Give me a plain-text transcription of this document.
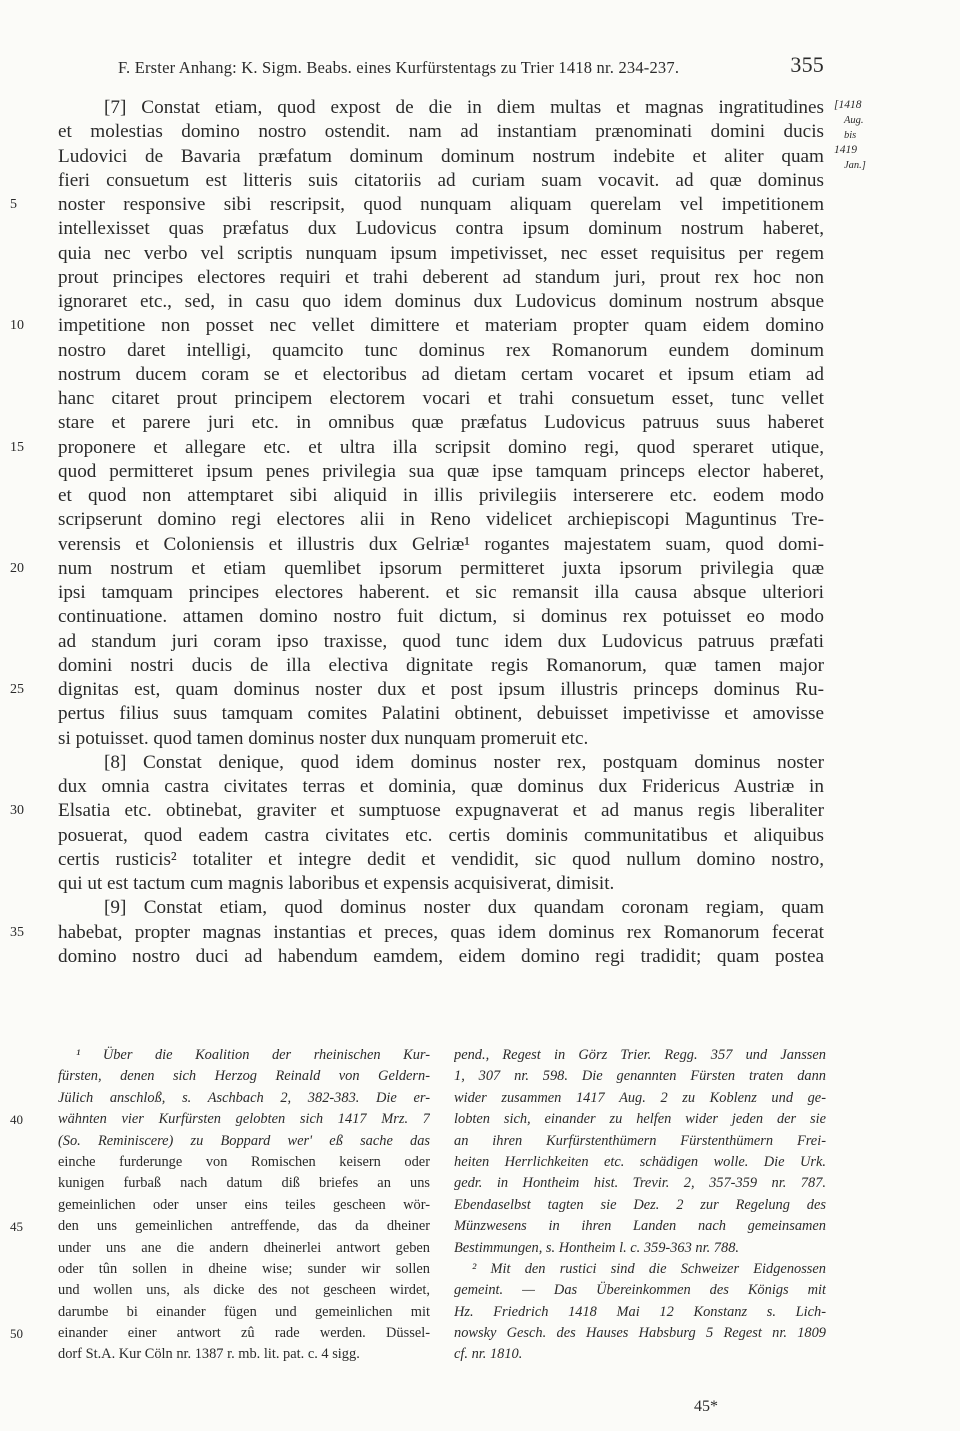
F. Erster Anhang: K. Sigm. Beabs. eines Kurfürstentags zu Trier 1418 nr. 234-237.	355
[1418
Aug.
bis
1419
Jan.]
[7] Constat etiam, quod expost de die in diem multas et magnas ingratitudines
et molestias domino nostro ostendit. nam ad instantiam prænominati domini ducis
Ludovici de Bavaria præfatum dominum dominum nostrum indebite et aliter quam
fieri consuetum est litteris suis citatoriis ad curiam suam vocavit. ad quæ dominus
5	noster responsive sibi rescripsit, quod nunquam aliquam querelam vel impetitionem
intellexisset quas præfatus dux Ludovicus contra ipsum dominum nostrum haberet,
quia nec verbo vel scriptis nunquam ipsum impetivisset, nec esset requisitus per regem
prout principes electores requiri et trahi deberent ad standum juri, prout rex hoc non
ignoraret etc., sed, in casu quo idem dominus dux Ludovicus dominum nostrum absque
10	impetitione non posset nec vellet dimittere et materiam propter quam eidem domino
nostro daret intelligi, quamcito tunc dominus rex Romanorum eundem dominum
nostrum ducem coram se et electoribus ad dietam certam vocaret et ipsum etiam ad
hanc citaret prout principem electorem vocari et trahi consuetum esset, tunc vellet
stare et parere juri etc. in omnibus quæ præfatus Ludovicus patruus suus haberet
15	proponere et allegare etc. et ultra illa scripsit domino regi, quod speraret utique,
quod permitteret ipsum penes privilegia sua quæ ipse tamquam princeps elector haberet,
et quod non attemptaret sibi aliquid in illis privilegiis interserere etc. eodem modo
scripserunt domino regi electores alii in Reno videlicet archiepiscopi Maguntinus Tre-
verensis et Coloniensis et illustris dux Gelriæ¹ rogantes majestatem suam, quod domi-
20	num nostrum et etiam quemlibet ipsorum permitteret juxta ipsorum privilegia quæ
ipsi tamquam principes electores haberent. et sic remansit illa causa absque ulteriori
continuatione. attamen domino nostro fuit dictum, si dominus rex potuisset eo modo
ad standum juri coram ipso traxisse, quod tunc idem dux Ludovicus patruus præfati
domini nostri ducis de illa electiva dignitate regis Romanorum, quæ tamen major
25	dignitas est, quam dominus noster dux et post ipsum illustris princeps dominus Ru-
pertus filius suus tamquam comites Palatini obtinent, debuisset impetivisse et amovisse
si potuisset. quod tamen dominus noster dux nunquam promeruit etc.
[8] Constat denique, quod idem dominus noster rex, postquam dominus noster
dux omnia castra civitates terras et dominia, quæ dominus dux Fridericus Austriæ in
30	Elsatia etc. obtinebat, graviter et sumptuose expugnaverat et ad manus regis liberaliter
posuerat, quod eadem castra civitates etc. certis dominis communitatibus et aliquibus
certis rusticis² totaliter et integre dedit et vendidit, sic quod nullum domino nostro,
qui ut est tactum cum magnis laboribus et expensis acquisiverat, dimisit.
[9] Constat etiam, quod dominus noster dux quandam coronam regiam, quam
35	habebat, propter magnas instantias et preces, quas idem dominus rex Romanorum fecerat
domino nostro duci ad habendum eamdem, eidem domino regi tradidit; quam postea
¹ Über die Koalition der rheinischen Kur-
fürsten, denen sich Herzog Reinald von Geldern-
Jülich anschloß, s. Aschbach 2, 382-383. Die er-
40	wähnten vier Kurfürsten gelobten sich 1417 Mrz. 7
(So. Reminiscere) zu Boppard wer' eß sache das
einche furderunge von Romischen keisern oder
kunigen furbaß nach datum diß briefes an uns
gemeinlichen oder unser eins teiles gescheen wör-
45	den uns gemeinlichen antreffende, das da dheiner
under uns ane die andern dheinerlei antwort geben
oder tûn sollen in dheine wise; sunder wir sollen
und wollen uns, als dicke des not gescheen wirdet,
darumbe bi einander fügen und gemeinlichen mit
50	einander einer antwort zû rade werden. Düssel-
dorf St.A. Kur Cöln nr. 1387 r. mb. lit. pat. c. 4 sigg.
pend., Regest in Görz Trier. Regg. 357 und Janssen
1, 307 nr. 598. Die genannten Fürsten traten dann
wider zusammen 1417 Aug. 2 zu Koblenz und ge-
lobten sich, einander zu helfen wider jeden der sie
an ihren Kurfürstenthümern Fürstenthümern Frei-
heiten Herrlichkeiten etc. schädigen wolle. Die Urk.
gedr. in Hontheim hist. Trevir. 2, 357-359 nr. 787.
Ebendaselbst tagten sie Dez. 2 zur Regelung des
Münzwesens in ihren Landen nach gemeinsamen
Bestimmungen, s. Hontheim l. c. 359-363 nr. 788.
² Mit den rustici sind die Schweizer Eidgenossen
gemeint. — Das Übereinkommen des Königs mit
Hz. Friedrich 1418 Mai 12 Konstanz s. Lich-
nowsky Gesch. des Hauses Habsburg 5 Regest nr. 1809
cf. nr. 1810.
45*
